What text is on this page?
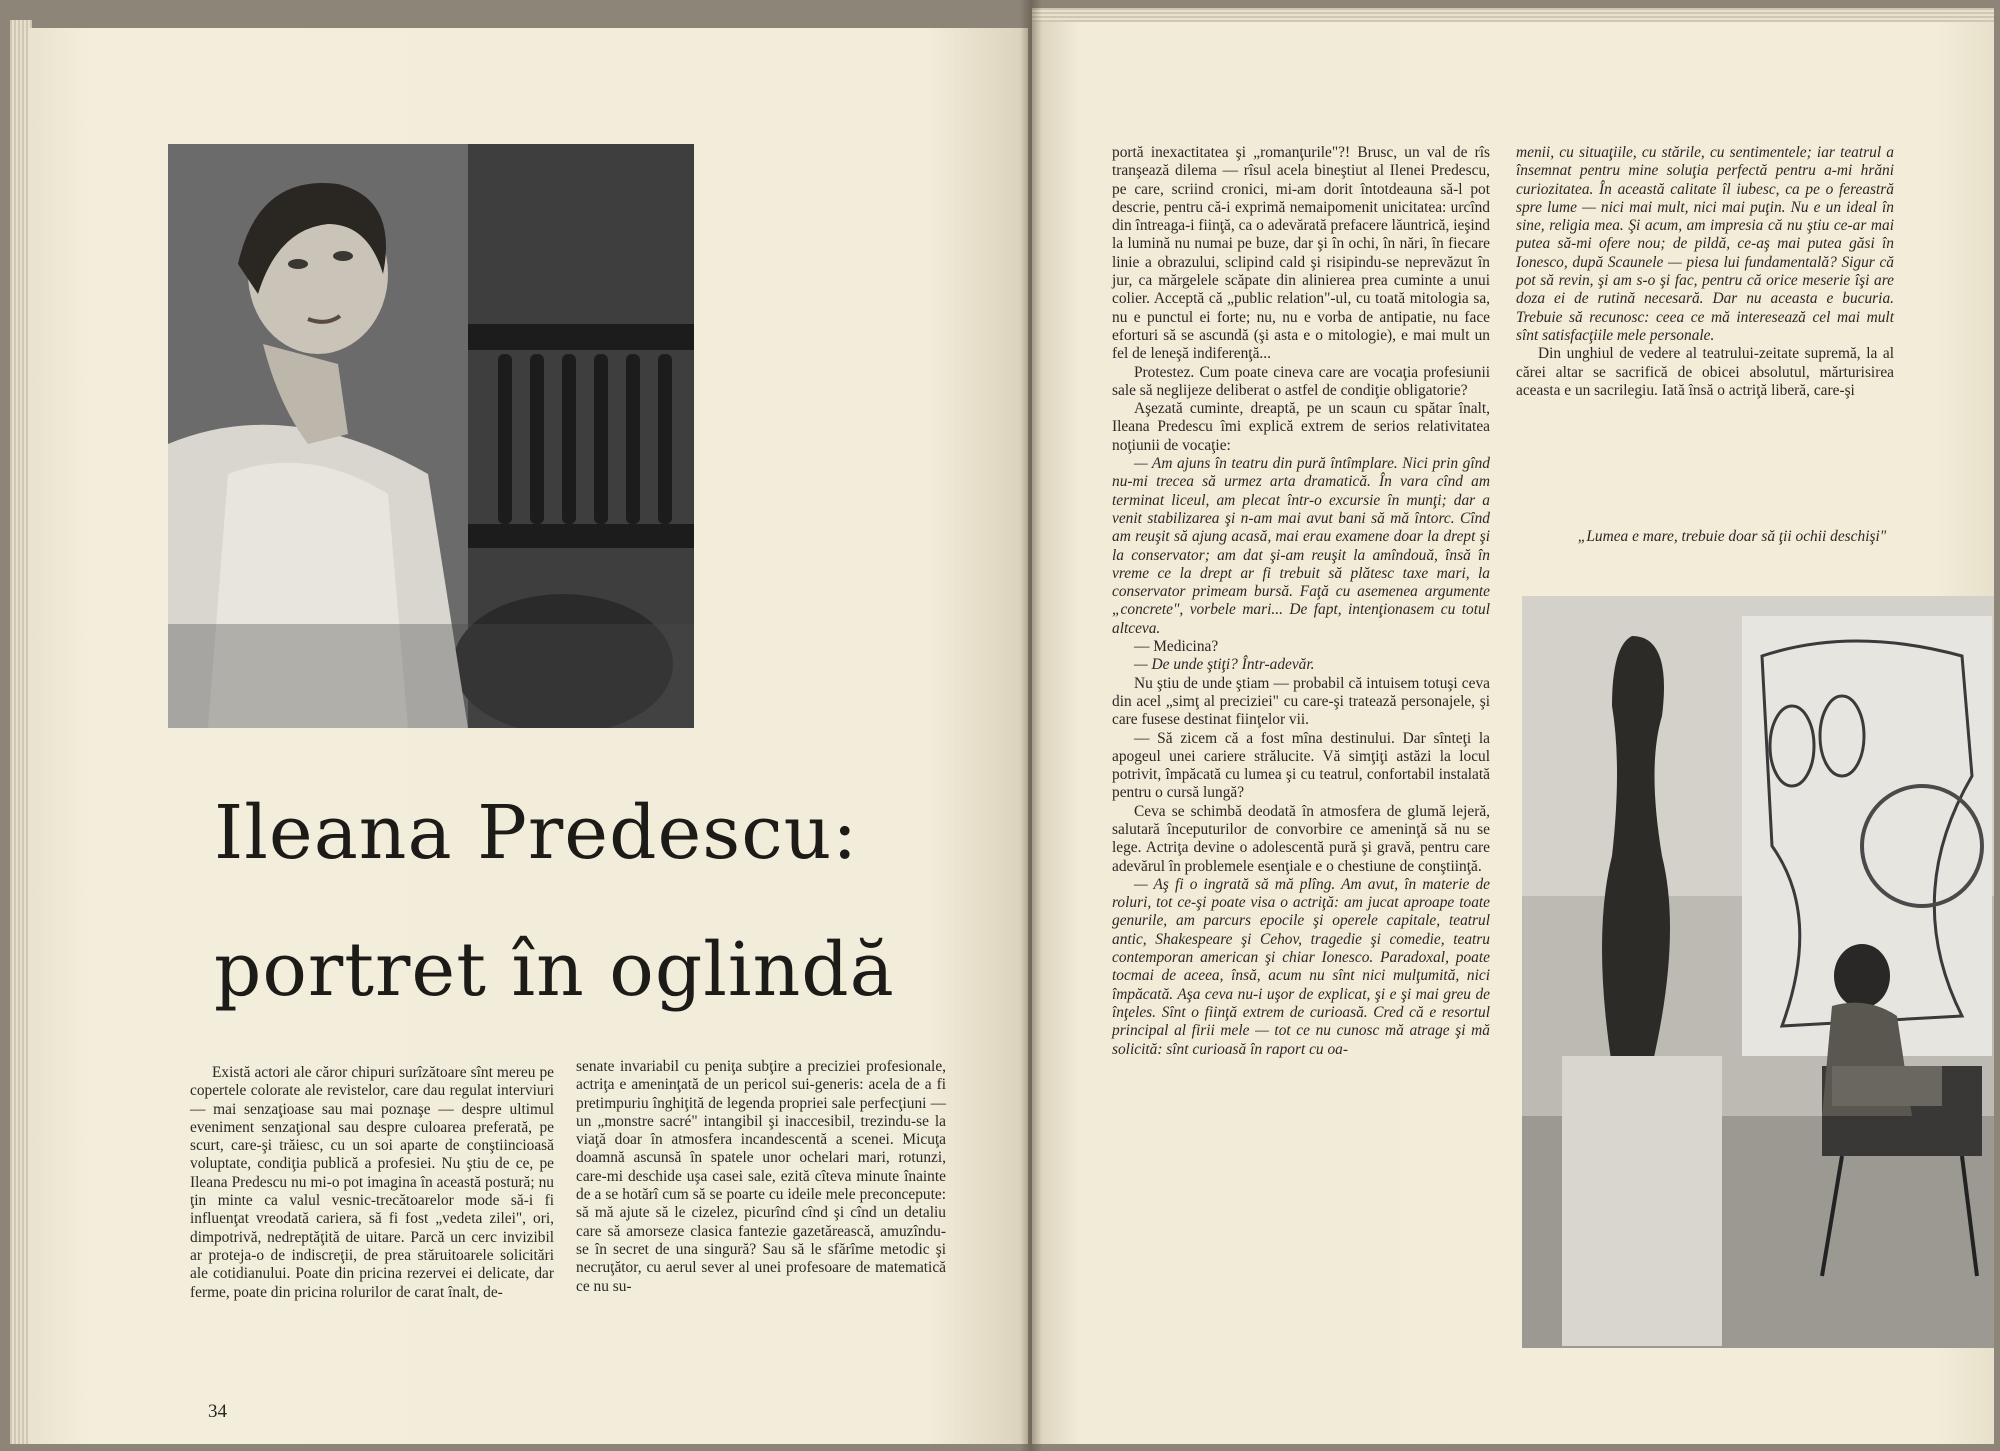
Ileana Predescu:
portret în oglindă

Există actori ale căror chipuri surîzătoare sînt mereu pe copertele colorate ale revistelor, care dau regulat interviuri — mai senzaţioase sau mai poznaşe — despre ultimul eveniment senzaţional sau despre culoarea preferată, pe scurt, care-şi trăiesc, cu un soi aparte de conştiincioasă voluptate, condiţia publică a profesiei. Nu ştiu de ce, pe Ileana Predescu nu mi-o pot imagina în această postură; nu ţin minte ca valul vesnic-trecătoarelor mode să-i fi influenţat vreodată cariera, să fi fost „vedeta zilei", ori, dimpotrivă, nedreptăţită de uitare. Parcă un cerc invizibil ar proteja-o de indiscreţii, de prea stăruitoarele solicitări ale cotidianului. Poate din pricina rezervei ei delicate, dar ferme, poate din pricina rolurilor de carat înalt, de-

senate invariabil cu peniţa subţire a preciziei profesionale, actriţa e ameninţată de un pericol sui-generis: acela de a fi pretimpuriu înghiţită de legenda propriei sale perfecţiuni — un „monstre sacré" intangibil şi inaccesibil, trezindu-se la viaţă doar în atmosfera incandescentă a scenei. Micuţa doamnă ascunsă în spatele unor ochelari mari, rotunzi, care-mi deschide uşa casei sale, ezită cîteva minute înainte de a se hotărî cum să se poarte cu ideile mele preconcepute: să mă ajute să le cizelez, picurînd cînd şi cînd un detaliu care să amorseze clasica fantezie gazetărească, amuzîndu-se în secret de una singură? Sau să le sfărîme metodic şi necruţător, cu aerul sever al unei profesoare de matematică ce nu su-

34

portă inexactitatea şi „romanţurile"?! Brusc, un val de rîs tranşează dilema — rîsul acela bineştiut al Ilenei Predescu, pe care, scriind cronici, mi-am dorit întotdeauna să-l pot descrie, pentru că-i exprimă nemaipomenit unicitatea: urcînd din întreaga-i fiinţă, ca o adevărată prefacere lăuntrică, ieşind la lumină nu numai pe buze, dar şi în ochi, în nări, în fiecare linie a obrazului, sclipind cald şi risipindu-se neprevăzut în jur, ca mărgelele scăpate din alinierea prea cuminte a unui colier. Acceptă că „public relation"-ul, cu toată mitologia sa, nu e punctul ei forte; nu, nu e vorba de antipatie, nu face eforturi să se ascundă (şi asta e o mitologie), e mai mult un fel de leneşă indiferenţă...

Protestez. Cum poate cineva care are vocaţia profesiunii sale să neglijeze deliberat o astfel de condiţie obligatorie?

Aşezată cuminte, dreaptă, pe un scaun cu spătar înalt, Ileana Predescu îmi explică extrem de serios relativitatea noţiunii de vocaţie:

— Am ajuns în teatru din pură întîmplare. Nici prin gînd nu-mi trecea să urmez arta dramatică. În vara cînd am terminat liceul, am plecat într-o excursie în munţi; dar a venit stabilizarea şi n-am mai avut bani să mă întorc. Cînd am reuşit să ajung acasă, mai erau examene doar la drept şi la conservator; am dat şi-am reuşit la amîndouă, însă în vreme ce la drept ar fi trebuit să plătesc taxe mari, la conservator primeam bursă. Faţă cu asemenea argumente „concrete", vorbele mari... De fapt, intenţionasem cu totul altceva.

— Medicina?

— De unde ştiţi? Într-adevăr.

Nu ştiu de unde ştiam — probabil că intuisem totuşi ceva din acel „simţ al preciziei" cu care-şi tratează personajele, şi care fusese destinat fiinţelor vii.

— Să zicem că a fost mîna destinului. Dar sînteţi la apogeul unei cariere strălucite. Vă simţiţi astăzi la locul potrivit, împăcată cu lumea şi cu teatrul, confortabil instalată pentru o cursă lungă?

Ceva se schimbă deodată în atmosfera de glumă lejeră, salutară începuturilor de convorbire ce ameninţă să nu se lege. Actriţa devine o adolescentă pură şi gravă, pentru care adevărul în problemele esenţiale e o chestiune de conştiinţă.

— Aş fi o ingrată să mă plîng. Am avut, în materie de roluri, tot ce-şi poate visa o actriţă: am jucat aproape toate genurile, am parcurs epocile şi operele capitale, teatrul antic, Shakespeare şi Cehov, tragedie şi comedie, teatru contemporan american şi chiar Ionesco. Paradoxal, poate tocmai de aceea, însă, acum nu sînt nici mulţumită, nici împăcată. Aşa ceva nu-i uşor de explicat, şi e şi mai greu de înţeles. Sînt o fiinţă extrem de curioasă. Cred că e resortul principal al firii mele — tot ce nu cunosc mă atrage şi mă solicită: sînt curioasă în raport cu oa-

menii, cu situaţiile, cu stările, cu sentimentele; iar teatrul a însemnat pentru mine soluţia perfectă pentru a-mi hrăni curiozitatea. În această calitate îl iubesc, ca pe o fereastră spre lume — nici mai mult, nici mai puţin. Nu e un ideal în sine, religia mea. Şi acum, am impresia că nu ştiu ce-ar mai putea să-mi ofere nou; de pildă, ce-aş mai putea găsi în Ionesco, după Scaunele — piesa lui fundamentală? Sigur că pot să revin, şi am s-o şi fac, pentru că orice meserie îşi are doza ei de rutină necesară. Dar nu aceasta e bucuria. Trebuie să recunosc: ceea ce mă interesează cel mai mult sînt satisfacţiile mele personale.

Din unghiul de vedere al teatrului-zeitate supremă, la al cărei altar se sacrifică de obicei absolutul, mărturisirea aceasta e un sacrilegiu. Iată însă o actriţă liberă, care-şi

„Lumea e mare, trebuie doar să ţii ochii deschişi"
